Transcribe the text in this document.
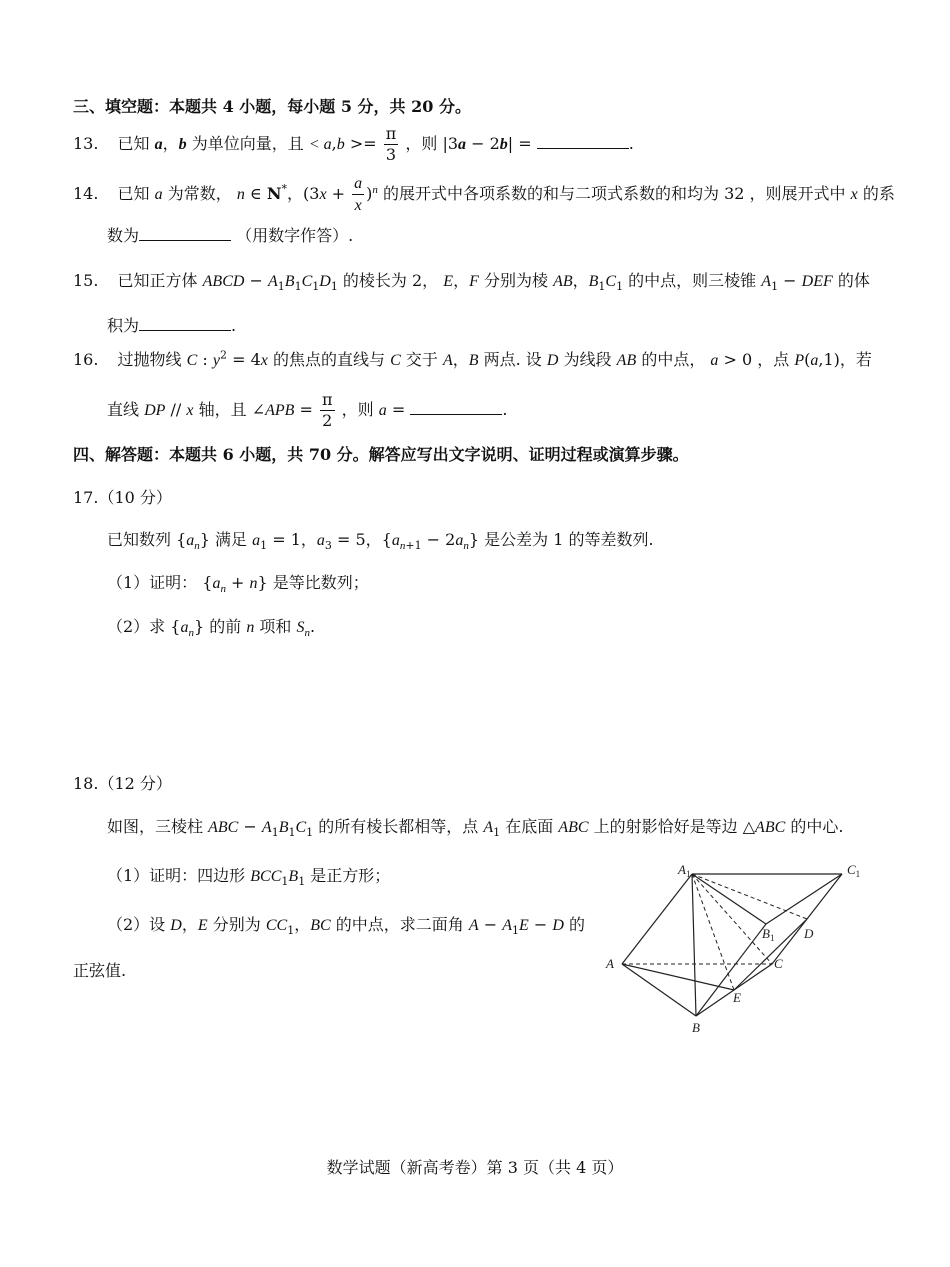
三、填空题：本题共 4 小题，每小题 5 分，共 20 分。
13. 已知 a，b 为单位向量，且 < $a,b >= \frac{\pi}{3}$ ，则 |3a − 2b| =	.
14. 已知 a 为常数， n ∈ N*，$(3x + \frac{a}{x} )^n$ 的展开式中各项系数的和与二项式系数的和均为 32 ，则展开式中 x 的系
数为	（用数字作答）.
15. 已知正方体 ABCD − $A_1B_1C_1D_1$ 的棱长为 2， E，F 分别为棱 AB，$B_1C_1$ 的中点，则三棱锥 $A_1$ − DEF 的体
积为	.
16. 过抛物线 C : $y^2 = 4x$ 的焦点的直线与 C 交于 A，B 两点. 设 D 为线段 AB 的中点， a > 0 ，点 P(a,1)，若
直线 DP // x 轴，且 ∠APB = $\frac{\pi}{2}$ ，则 a =	.
四、解答题：本题共 6 小题，共 70 分。解答应写出文字说明、证明过程或演算步骤。
17.（10 分）
已知数列 $\{a_n\}$ 满足 $a_1 = 1$，$a_3 = 5$，$\{a_{n+1} - 2a_n\}$ 是公差为 1 的等差数列.
（1）证明： $\{a_n + n\}$ 是等比数列；
（2）求 $\{a_n\}$ 的前 n 项和 $S_n$.
18.（12 分）
如图，三棱柱 ABC − $A_1B_1C_1$ 的所有棱长都相等，点 $A_1$ 在底面 ABC 上的射影恰好是等边 △ABC 的中心.
（1）证明：四边形 $BCC_1B_1$ 是正方形；
（2）设 D，E 分别为 $CC_1$，BC 的中点，求二面角 $A - A_1E - D$ 的
正弦值.
$A_1$	$C_1$
$B_1$ D
A	C
E
B
数学试题（新高考卷）第 3 页（共 4 页）
